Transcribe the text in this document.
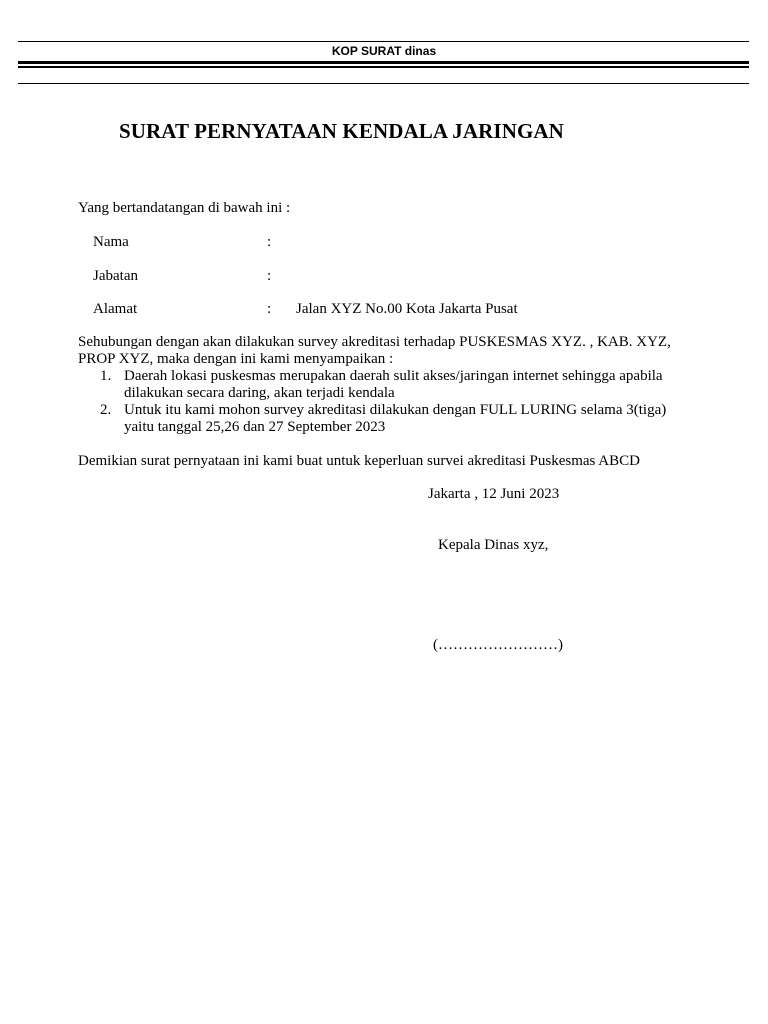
KOP SURAT dinas
SURAT PERNYATAAN KENDALA JARINGAN
Yang bertandatangan di bawah ini :
Nama	:
Jabatan	:
Alamat	: Jalan XYZ No.00 Kota Jakarta Pusat
Sehubungan dengan akan dilakukan survey akreditasi terhadap PUSKESMAS XYZ. , KAB. XYZ, PROP XYZ, maka dengan ini kami menyampaikan :
1. Daerah lokasi puskesmas merupakan daerah sulit akses/jaringan internet sehingga apabila dilakukan secara daring, akan terjadi kendala
2. Untuk itu kami mohon survey akreditasi dilakukan dengan FULL LURING selama 3(tiga) yaitu tanggal 25,26 dan 27 September 2023
Demikian surat pernyataan ini kami buat untuk keperluan survei akreditasi Puskesmas ABCD
Jakarta , 12 Juni 2023
Kepala Dinas xyz,
(……………………)
